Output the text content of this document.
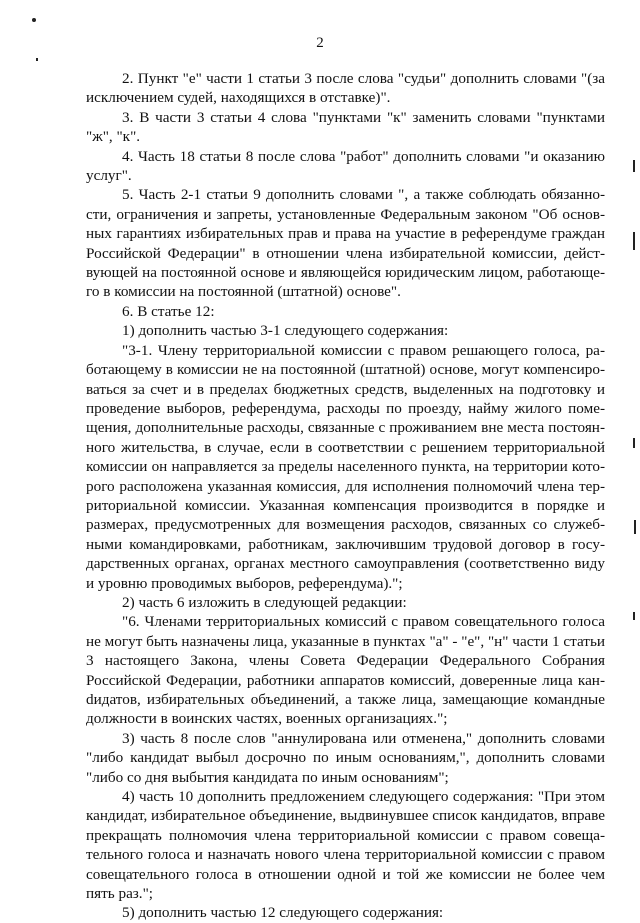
2

2. Пункт "е" части 1 статьи 3 после слова "судьи" дополнить словами "(за исключением судей, находящихся в отставке)".

3. В части 3 статьи 4 слова "пунктами "к" заменить словами "пунктами "ж", "к".

4. Часть 18 статьи 8 после слова "работ" дополнить словами "и оказанию услуг".

5. Часть 2-1 статьи 9 дополнить словами ", а также соблюдать обязанности, ограничения и запреты, установленные Федеральным законом "Об основных гарантиях избирательных прав и права на участие в референдуме граждан Российской Федерации" в отношении члена избирательной комиссии, действующей на постоянной основе и являющейся юридическим лицом, работающего в комиссии на постоянной (штатной) основе".

6. В статье 12:

1) дополнить частью 3-1 следующего содержания:

"3-1. Члену территориальной комиссии с правом решающего голоса, работающему в комиссии не на постоянной (штатной) основе, могут компенсироваться за счет и в пределах бюджетных средств, выделенных на подготовку и проведение выборов, референдума, расходы по проезду, найму жилого помещения, дополнительные расходы, связанные с проживанием вне места постоянного жительства, в случае, если в соответствии с решением территориальной комиссии он направляется за пределы населенного пункта, на территории которого расположена указанная комиссия, для исполнения полномочий члена территориальной комиссии. Указанная компенсация производится в порядке и размерах, предусмотренных для возмещения расходов, связанных со служебными командировками, работникам, заключившим трудовой договор в государственных органах, органах местного самоуправления (соответственно виду и уровню проводимых выборов, референдума).";

2) часть 6 изложить в следующей редакции:

"6. Членами территориальных комиссий с правом совещательного голоса не могут быть назначены лица, указанные в пунктах "а" - "е", "н" части 1 статьи 3 настоящего Закона, члены Совета Федерации Федерального Собрания Российской Федерации, работники аппаратов комиссий, доверенные лица канdидатов, избирательных объединений, а также лица, замещающие командные должности в воинских частях, военных организациях.";

3) часть 8 после слов "аннулирована или отменена," дополнить словами "либо кандидат выбыл досрочно по иным основаниям,", дополнить словами "либо со дня выбытия кандидата по иным основаниям";

4) часть 10 дополнить предложением следующего содержания: "При этом кандидат, избирательное объединение, выдвинувшее список кандидатов, вправе прекращать полномочия члена территориальной комиссии с правом совещательного голоса и назначать нового члена территориальной комиссии с правом совещательного голоса в отношении одной и той же комиссии не более чем пять раз.";

5) дополнить частью 12 следующего содержания:
